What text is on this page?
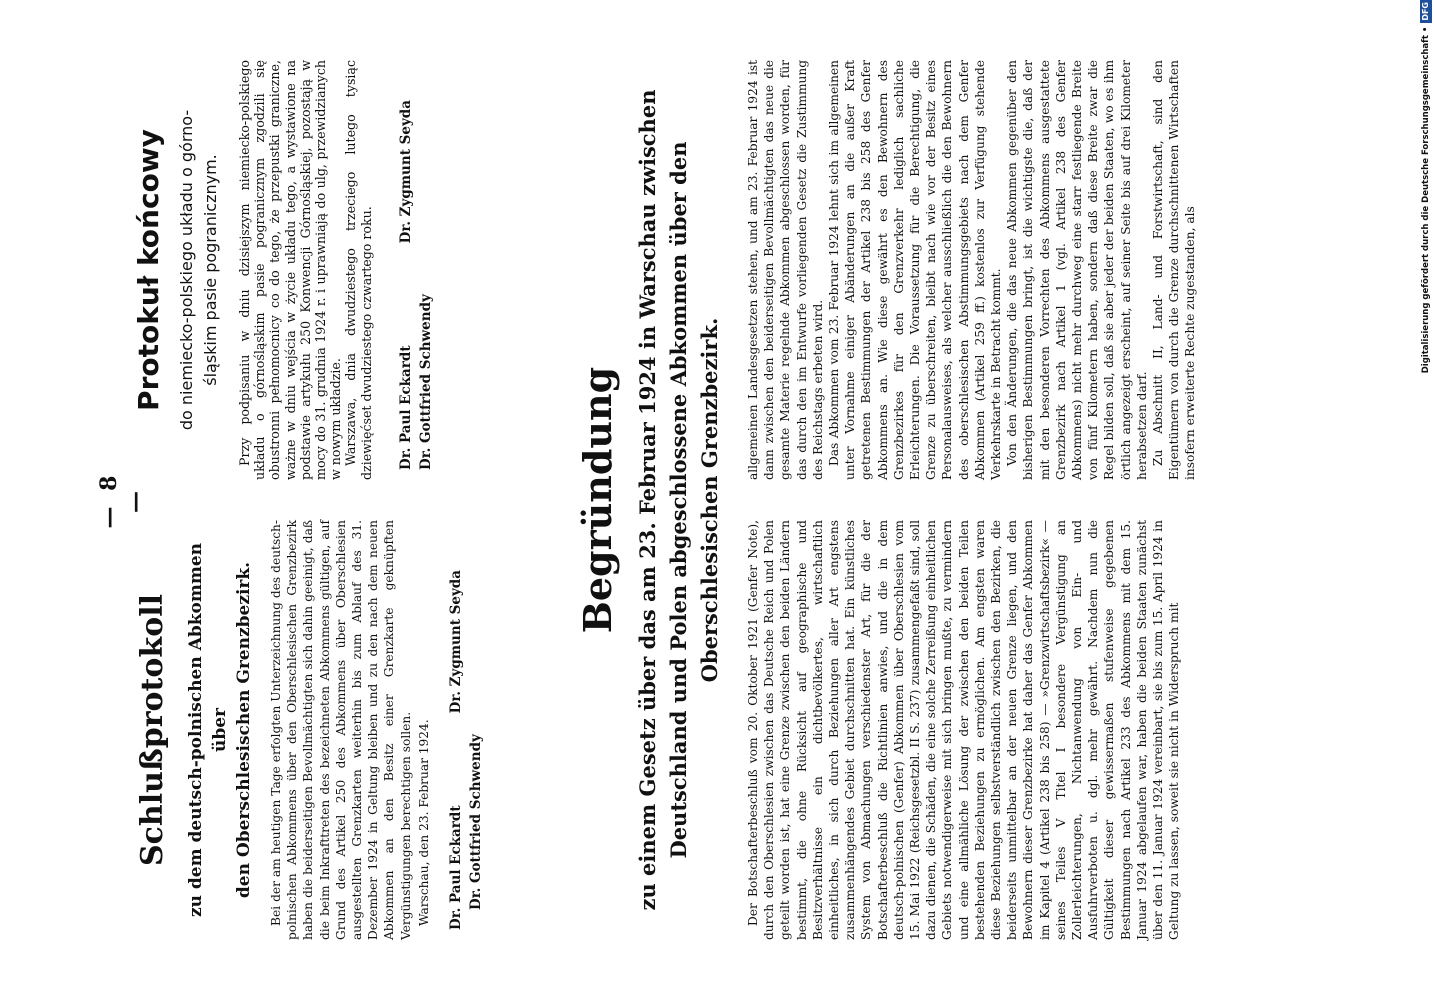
— 8 —
Schlußprotokoll zu dem deutsch-polnischen Abkommen über den Oberschlesischen Grenzbezirk. Bei der am heutigen Tage erfolgten Unterzeichnung des deutsch-polnischen Abkommens über den Oberschlesischen Grenzbezirk haben die beiderseitigen Bevollmächtigten sich dahin geeinigt, daß die beim Inkrafttreten des bezeichneten Abkommens gültigen, auf Grund des Artikel 250 des Abkommens über Oberschlesien ausgestellten Grenzkarten weiterhin bis zum Ablauf des 31. Dezember 1924 in Geltung bleiben und zu den nach dem neuen Abkommen an den Besitz einer Grenzkarte geknüpften Vergünstigungen berechtigen sollen. Warschau, den 23. Februar 1924. Dr. Paul Eckardt
Dr. Zygmunt Seyda
Dr. Gottfried Schwendy
Protokuł końcowy do niemiecko-polskiego układu o górno- śląskim pasie pogranicznym. Przy podpisaniu w dniu dzisiejszym niemiecko-polskiego układu o górnośląskim pasie pogranicznym zgodzili się obustronni pełnomocnicy co do tego, że przepustki graniczne, ważne w dniu wejścia w życie układu tego, a wystawione na podstawie artykułu 250 Konwencji Górnośląskiej, pozostają w mocy do 31. grudnia 1924 r. i uprawniają do ulg, przewidzianych w nowym układzie. Warszawa, dnia dwudziestego trzeciego lutego tysiąc dziewięćset dwudziestego czwartego roku. Dr. Paul Eckardt
Dr. Zygmunt Seyda
Dr. Gottfried Schwendy	Begründung zu einem Gesetz über das am 23. Februar 1924 in Warschau zwischen Deutschland und Polen abgeschlossene Abkommen über den Oberschlesischen Grenzbezirk.

Der Botschafterbeschluß vom 20. Oktober 1921 (Genfer Note), durch den Oberschlesien zwischen das Deutsche Reich und Polen geteilt worden ist, hat eine Grenze zwischen den beiden Ländern bestimmt, die ohne Rücksicht auf geographische und Besitzverhältnisse ein dichtbevölkertes, wirtschaftlich einheitliches, in sich durch Beziehungen aller Art engstens zusammenhängendes Gebiet durchschnitten hat. Ein künstliches System von Abmachungen verschiedenster Art, für die der Botschafterbeschluß die Richtlinien anwies, und die in dem deutsch-polnischen (Genfer) Abkommen über Oberschlesien vom 15. Mai 1922 (Reichsgesetzbl. II S. 237) zusammengefaßt sind, soll dazu dienen, die Schäden, die eine solche Zerreißung einheitlichen Gebiets notwendigerweise mit sich bringen mußte, zu vermindern und eine allmähliche Lösung der zwischen den beiden Teilen bestehenden Beziehungen zu ermöglichen. Am engsten waren diese Beziehungen selbstverständlich zwischen den Bezirken, die beiderseits unmittelbar an der neuen Grenze liegen, und den Bewohnern dieser Grenzbezirke hat daher das Genfer Abkommen im Kapitel 4 (Artikel 238 bis 258) — »Grenzwirtschaftsbezirk« — seines Teiles V Titel I besondere Vergünstigung an Zollerleichterungen, Nichtanwendung von Ein- und Ausfuhrverboten u. dgl. mehr gewährt. Nachdem nun die Gültigkeit dieser gewissermaßen stufenweise gegebenen Bestimmungen nach Artikel 233 des Abkommens mit dem 15. Januar 1924 abgelaufen war, haben die beiden Staaten zunächst über den 11. Januar 1924 vereinbart, sie bis zum 15. April 1924 in Geltung zu lassen, soweit sie nicht in Widerspruch mit

allgemeinen Landesgesetzen stehen, und am 23. Februar 1924 ist dann zwischen den beiderseitigen Bevollmächtigten das neue die gesamte Materie regelnde Abkommen abgeschlossen worden, für das durch den im Entwurfe vorliegenden Gesetz die Zustimmung des Reichstags erbeten wird. Das Abkommen vom 23. Februar 1924 lehnt sich im allgemeinen unter Vornahme einiger Abänderungen an die außer Kraft getretenen Bestimmungen der Artikel 238 bis 258 des Genfer Abkommens an. Wie diese gewährt es den Bewohnern des Grenzbezirkes für den Grenzverkehr lediglich sachliche Erleichterungen. Die Voraussetzung für die Berechtigung, die Grenze zu überschreiten, bleibt nach wie vor der Besitz eines Personalausweises, als welcher ausschließlich die den Bewohnern des oberschlesischen Abstimmungsgebiets nach dem Genfer Abkommen (Artikel 259 ff.) kostenlos zur Verfügung stehende Verkehrskarte in Betracht kommt. Von den Änderungen, die das neue Abkommen gegenüber den bisherigen Bestimmungen bringt, ist die wichtigste die, daß der mit den besonderen Vorrechten des Abkommens ausgestattete Grenzbezirk nach Artikel 1 (vgl. Artikel 238 des Genfer Abkommens) nicht mehr durchweg eine starr festliegende Breite von fünf Kilometern haben, sondern daß diese Breite zwar die Regel bilden soll, daß sie aber jeder der beiden Staaten, wo es ihm örtlich angezeigt erscheint, auf seiner Seite bis auf drei Kilometer herabsetzen darf. Zu Abschnitt II, Land- und Forstwirtschaft, sind den Eigentümern von durch die Grenze durchschnittenen Wirtschaften insofern erweiterte Rechte zugestanden, als	Digitalisierung gefördert durch die Deutsche Forschungsgemeinschaft •DFG
